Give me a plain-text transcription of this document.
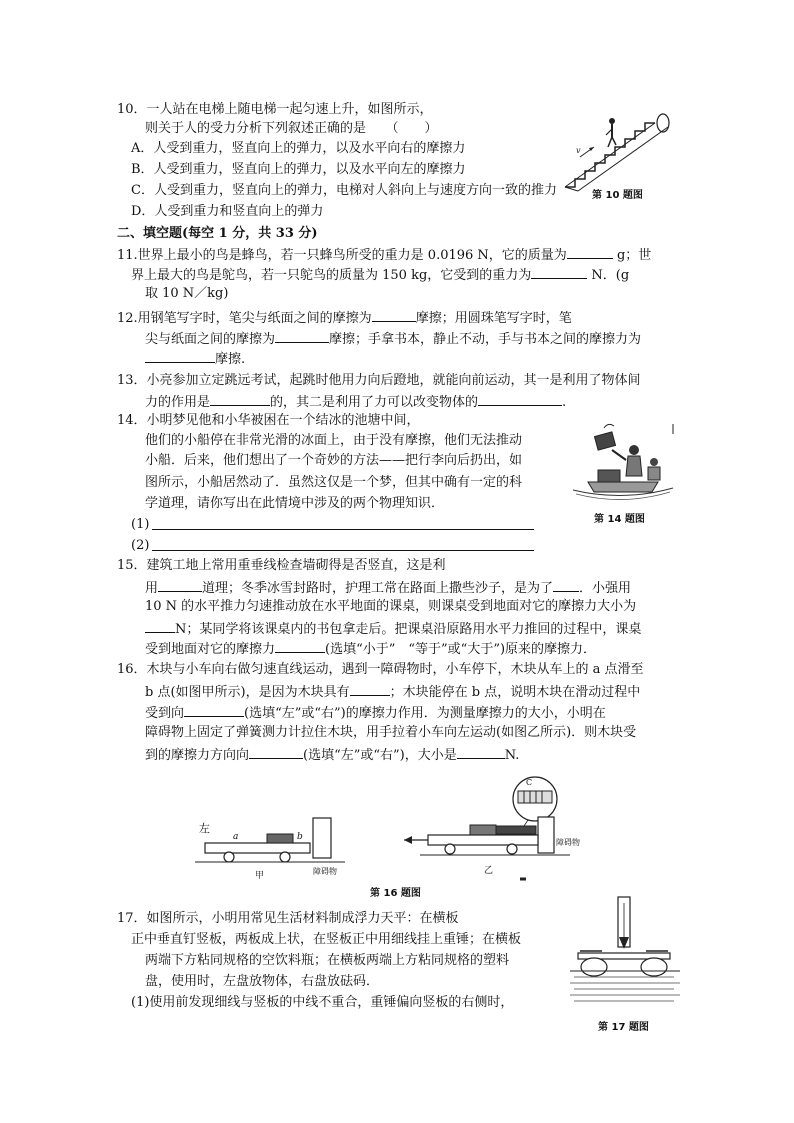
10．一人站在电梯上随电梯一起匀速上升，如图所示，
则关于人的受力分析下列叙述正确的是　　（　　）
A．人受到重力，竖直向上的弹力，以及水平向右的摩擦力
B．人受到重力，竖直向上的弹力，以及水平向左的摩擦力
C．人受到重力，竖直向上的弹力，电梯对人斜向上与速度方向一致的推力
D．人受到重力和竖直向上的弹力
v
第 10 题图
二、填空题(每空 1 分，共 33 分)
11.世界上最小的鸟是蜂鸟，若一只蜂鸟所受的重力是 0.0196 N，它的质量为	g；世
界上最大的鸟是鸵鸟，若一只鸵鸟的质量为 150 kg，它受到的重力为	N．(g
取 10 N／kg)
12.用钢笔写字时，笔尖与纸面之间的摩擦为	摩擦；用圆珠笔写字时，笔
尖与纸面之间的摩擦为	摩擦；手拿书本，静止不动，手与书本之间的摩擦力为
摩擦.
13．小亮参加立定跳远考试，起跳时他用力向后蹬地，就能向前运动，其一是利用了物体间
力的作用是	的，其二是利用了力可以改变物体的	.
14．小明梦见他和小华被困在一个结冰的池塘中间，
他们的小船停在非常光滑的冰面上，由于没有摩擦，他们无法推动
小船．后来，他们想出了一个奇妙的方法——把行李向后扔出，如
图所示，小船居然动了．虽然这仅是一个梦，但其中确有一定的科
学道理，请你写出在此情境中涉及的两个物理知识．
(1)
(2)
第 14 题图
15．建筑工地上常用重垂线检查墙砌得是否竖直，这是利
用	道理；冬季冰雪封路时，护理工常在路面上撒些沙子，是为了 ．小强用
10 N 的水平推力匀速推动放在水平地面的课桌，则课桌受到地面对它的摩擦力大小为
N；某同学将该课桌内的书包拿走后。把课桌沿原路用水平力推回的过程中，课桌
受到地面对它的摩擦力	(选填“小于”　“等于”或“大于”)原来的摩擦力．
16．木块与小车向右做匀速直线运动，遇到一障碍物时，小车停下，木块从车上的 a 点滑至
b 点(如图甲所示)，是因为木块具有	；木块能停在 b 点，说明木块在滑动过程中
受到向	(选填“左”或“右”)的摩擦力作用．为测量摩擦力的大小，小明在
障碍物上固定了弹簧测力计拉住木块，用手拉着小车向左运动(如图乙所示)．则木块受
到的摩擦力方向向	(选填“左”或“右”)，大小是	N.
左
a	b
障碍物
甲
C
障碍物
乙
第 16 题图
17．如图所示，小明用常见生活材料制成浮力天平：在横板
正中垂直钉竖板，两板成上状，在竖板正中用细线挂上重锤；在横板
两端下方粘同规格的空饮料瓶；在横板两端上方粘同规格的塑料
盘，使用时，左盘放物体，右盘放砝码．
(1)使用前发现细线与竖板的中线不重合，重锤偏向竖板的右侧时，
第 17 题图
